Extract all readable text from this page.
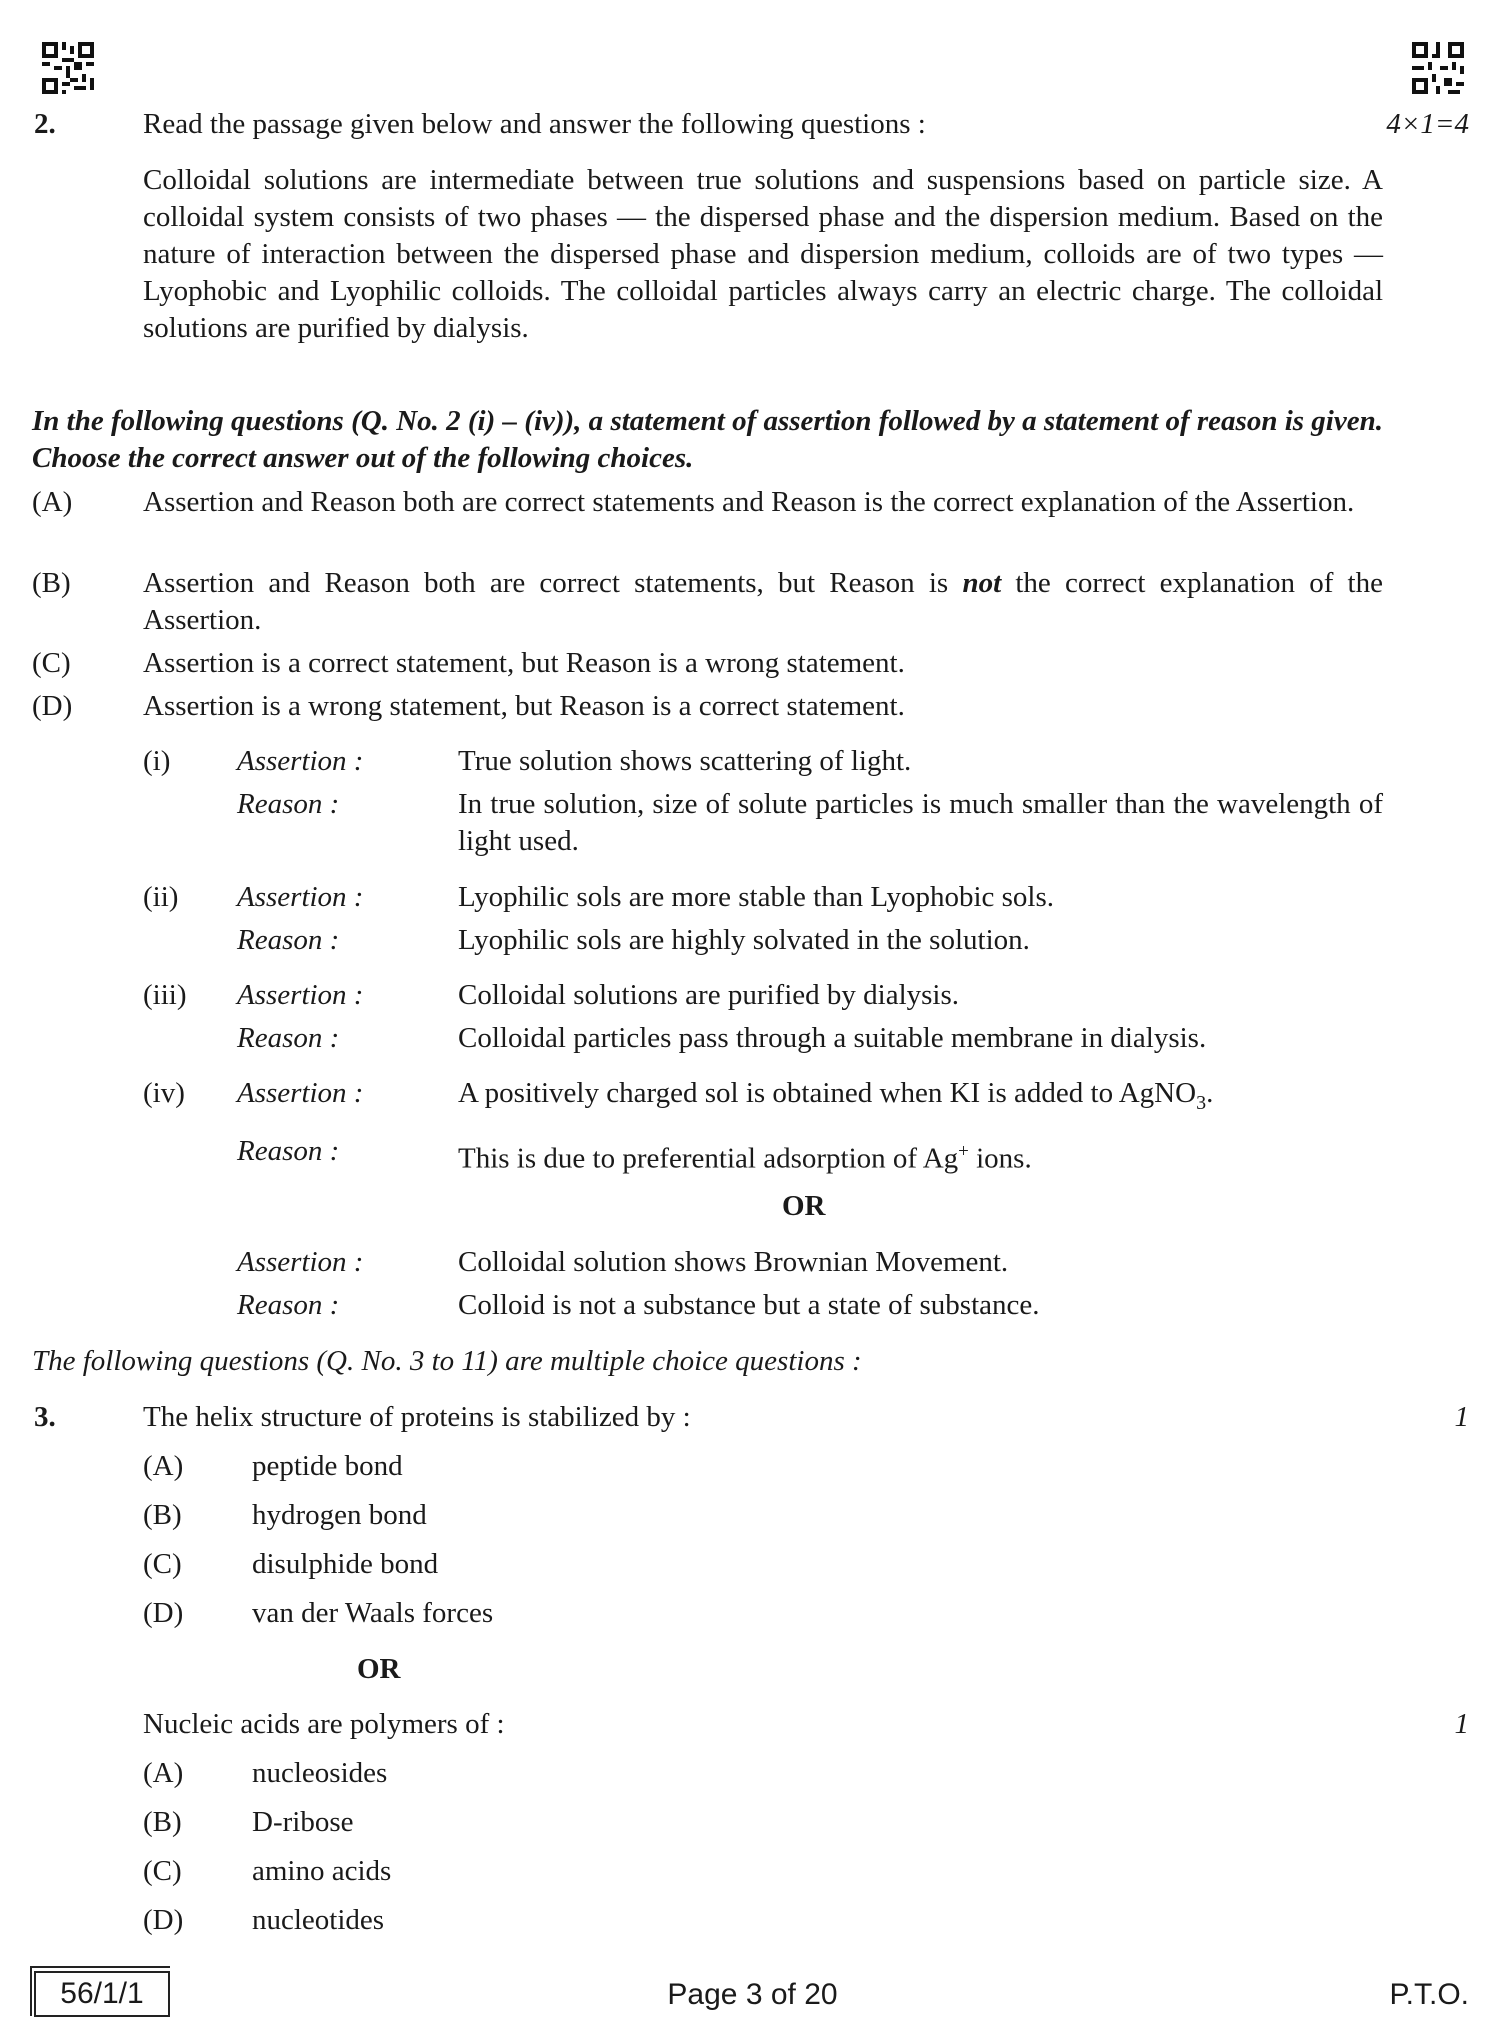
2.	Read the passage given below and answer the following questions :	4×1=4
Colloidal solutions are intermediate between true solutions and suspensions based on particle size. A colloidal system consists of two phases — the dispersed phase and the dispersion medium. Based on the nature of interaction between the dispersed phase and dispersion medium, colloids are of two types — Lyophobic and Lyophilic colloids. The colloidal particles always carry an electric charge. The colloidal solutions are purified by dialysis.
In the following questions (Q. No. 2 (i) – (iv)), a statement of assertion followed by a statement of reason is given. Choose the correct answer out of the following choices.
(A) Assertion and Reason both are correct statements and Reason is the correct explanation of the Assertion.
(B) Assertion and Reason both are correct statements, but Reason is not the correct explanation of the Assertion.
(C) Assertion is a correct statement, but Reason is a wrong statement.
(D) Assertion is a wrong statement, but Reason is a correct statement.
(i) Assertion :	True solution shows scattering of light.
Reason :	In true solution, size of solute particles is much smaller than the wavelength of light used.
(ii) Assertion :	Lyophilic sols are more stable than Lyophobic sols.
Reason :	Lyophilic sols are highly solvated in the solution.
(iii) Assertion :	Colloidal solutions are purified by dialysis.
Reason :	Colloidal particles pass through a suitable membrane in dialysis.
(iv) Assertion :	A positively charged sol is obtained when KI is added to AgNO$_3$.
Reason :	This is due to preferential adsorption of Ag+ ions.
OR
Assertion :	Colloidal solution shows Brownian Movement.
Reason :	Colloid is not a substance but a state of substance.
The following questions (Q. No. 3 to 11) are multiple choice questions :
3.	The helix structure of proteins is stabilized by :	1
(A) peptide bond
(B) hydrogen bond
(C) disulphide bond
(D) van der Waals forces
OR
Nucleic acids are polymers of :	1
(A) nucleosides
(B) D-ribose
(C) amino acids
(D) nucleotides
56/1/1	Page 3 of 20	P.T.O.
